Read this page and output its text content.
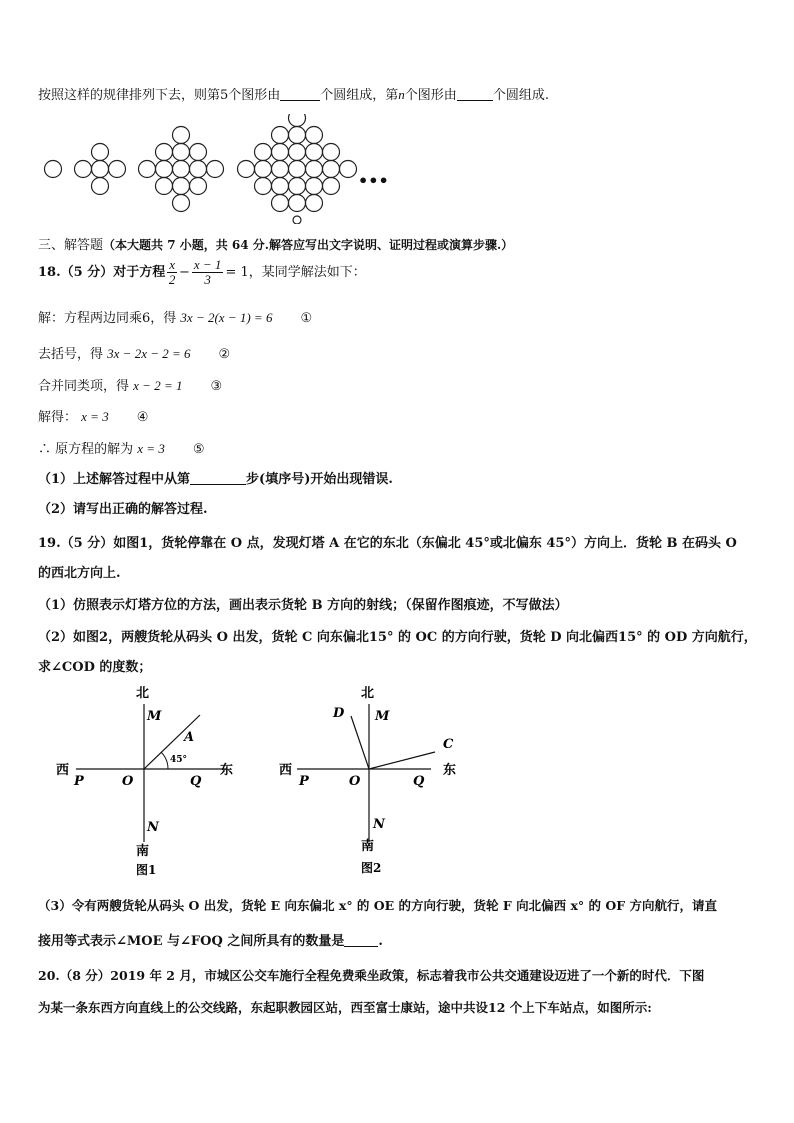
按照这样的规律排列下去，则第5个图形由	个圆组成，第n个图形由	个圆组成.
•••
三、解答题（本大题共 7 小题，共 64 分.解答应写出文字说明、证明过程或演算步骤.）
18.（5 分）对于方程 $\frac{x}{2} - \frac{x - 1}{3} = 1$，某同学解法如下：
解：方程两边同乘6，得 3x − 2(x − 1) = 6 ①
去括号，得 3x − 2x − 2 = 6 ②
合并同类项，得 x − 2 = 1 ③
解得： x = 3 ④
∴ 原方程的解为 x = 3 ⑤
（1）上述解答过程中从第	步(填序号)开始出现错误.
（2）请写出正确的解答过程.
19.（5 分）如图1，货轮停靠在 O 点，发现灯塔 A 在它的东北（东偏北 45°或北偏东 45°）方向上．货轮 B 在码头 O
的西北方向上.
（1）仿照表示灯塔方位的方法，画出表示货轮 B 方向的射线；（保留作图痕迹，不写做法）
（2）如图2，两艘货轮从码头 O 出发，货轮 C 向东偏北15° 的 OC 的方向行驶，货轮 D 向北偏西15° 的 OD 方向航行，
求∠COD 的度数；
北
南
西	东
M
N
P	O	Q
A
45°
图1
北
南
西	东
M
N
P	O	Q
C
D
图2
（3）令有两艘货轮从码头 O 出发，货轮 E 向东偏北 x° 的 OE 的方向行驶，货轮 F 向北偏西 x° 的 OF 方向航行，请直
接用等式表示∠MOE 与∠FOQ 之间所具有的数量是	.
20.（8 分）2019 年 2 月，市城区公交车施行全程免费乘坐政策，标志着我市公共交通建设迈进了一个新的时代．下图
为某一条东西方向直线上的公交线路，东起职教园区站，西至富士康站，途中共设12 个上下车站点，如图所示:
